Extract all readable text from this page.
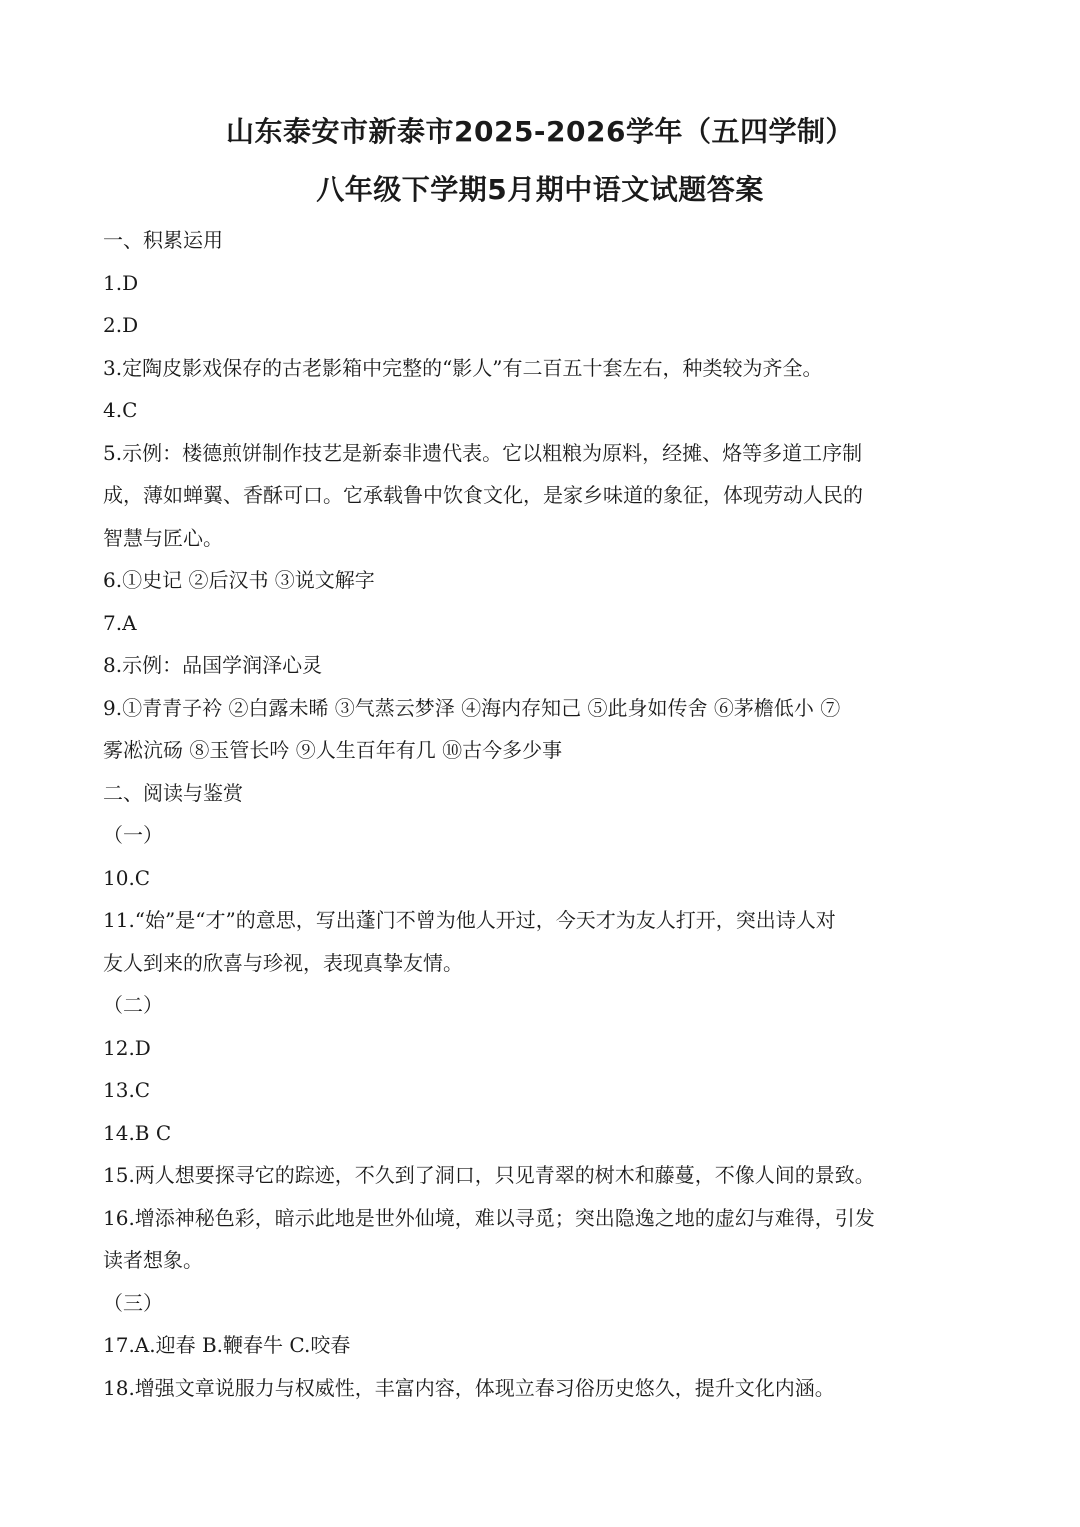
山东泰安市新泰市2025-2026学年（五四学制）
八年级下学期5月期中语文试题答案

一、积累运用

1.D

2.D

3.定陶皮影戏保存的古老影箱中完整的“影人”有二百五十套左右，种类较为齐全。

4.C

5.示例：楼德煎饼制作技艺是新泰非遗代表。它以粗粮为原料，经摊、烙等多道工序制

成，薄如蝉翼、香酥可口。它承载鲁中饮食文化，是家乡味道的象征，体现劳动人民的

智慧与匠心。

6.①史记 ②后汉书 ③说文解字

7.A

8.示例：品国学润泽心灵

9.①青青子衿 ②白露未晞 ③气蒸云梦泽 ④海内存知己 ⑤此身如传舍 ⑥茅檐低小 ⑦

雾凇沆砀 ⑧玉管长吟 ⑨人生百年有几 ⑩古今多少事

二、阅读与鉴赏

（一）

10.C

11.“始”是“才”的意思，写出蓬门不曾为他人开过，今天才为友人打开，突出诗人对

友人到来的欣喜与珍视，表现真挚友情。

（二）

12.D

13.C

14.B C

15.两人想要探寻它的踪迹，不久到了洞口，只见青翠的树木和藤蔓，不像人间的景致。

16.增添神秘色彩，暗示此地是世外仙境，难以寻觅；突出隐逸之地的虚幻与难得，引发

读者想象。

（三）

17.A.迎春 B.鞭春牛 C.咬春

18.增强文章说服力与权威性，丰富内容，体现立春习俗历史悠久，提升文化内涵。
